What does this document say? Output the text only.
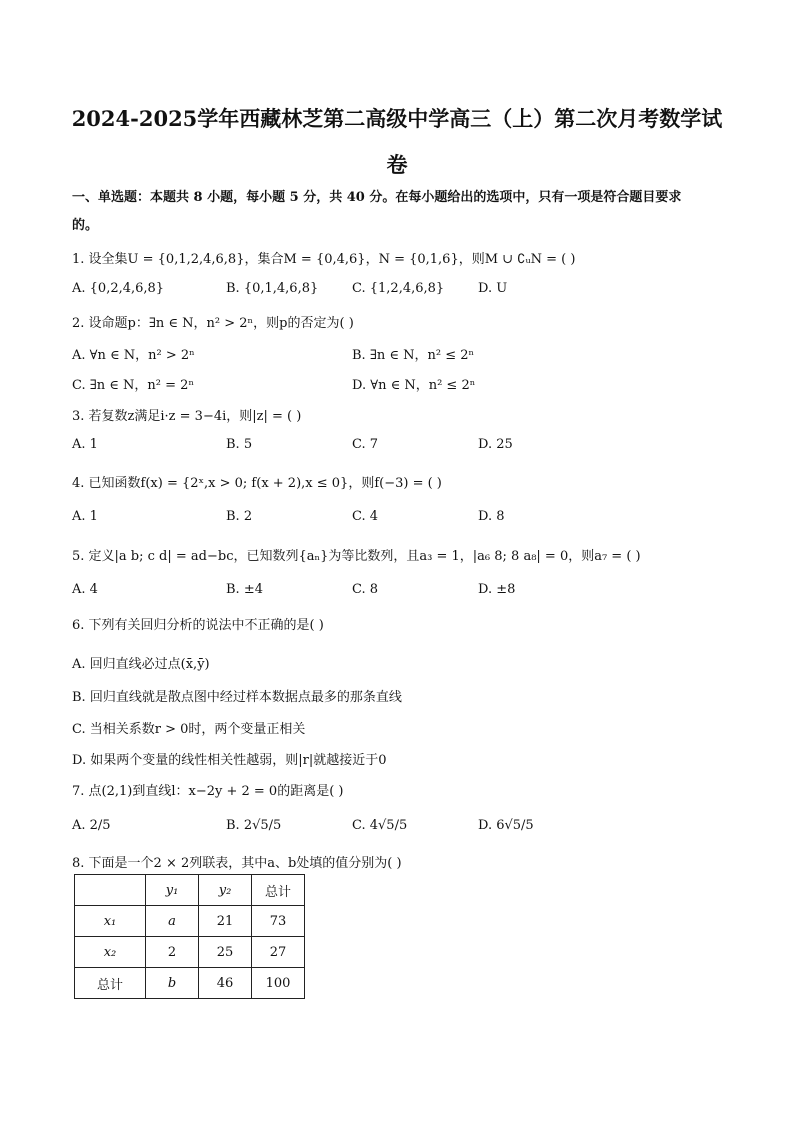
2024-2025学年西藏林芝第二高级中学高三（上）第二次月考数学试
卷
一、单选题：本题共 8 小题，每小题 5 分，共 40 分。在每小题给出的选项中，只有一项是符合题目要求
的。
1. 设全集U = {0,1,2,4,6,8}，集合M = {0,4,6}，N = {0,1,6}，则M ∪ ∁ᵤN = ( )
A. {0,2,4,6,8}	B. {0,1,4,6,8}	C. {1,2,4,6,8}	D. U
2. 设命题p：∃n ∈ N，n² > 2ⁿ，则p的否定为( )
A. ∀n ∈ N，n² > 2ⁿ	B. ∃n ∈ N，n² ≤ 2ⁿ
C. ∃n ∈ N，n² = 2ⁿ	D. ∀n ∈ N，n² ≤ 2ⁿ
3. 若复数z满足i·z = 3−4i，则|z| = ( )
A. 1	B. 5	C. 7	D. 25
4. 已知函数f(x) = {2ˣ,x > 0; f(x + 2),x ≤ 0}，则f(−3) = ( )
A. 1	B. 2	C. 4	D. 8
5. 定义|a b; c d| = ad−bc，已知数列{aₙ}为等比数列，且a₃ = 1，|a₆ 8; 8 a₈| = 0，则a₇ = ( )
A. 4	B. ±4	C. 8	D. ±8
6. 下列有关回归分析的说法中不正确的是( )
A. 回归直线必过点(x̄,ȳ)
B. 回归直线就是散点图中经过样本数据点最多的那条直线
C. 当相关系数r > 0时，两个变量正相关
D. 如果两个变量的线性相关性越弱，则|r|就越接近于0
7. 点(2,1)到直线l：x−2y + 2 = 0的距离是( )
A. 2/5	B. 2√5/5	C. 4√5/5	D. 6√5/5
8. 下面是一个2 × 2列联表，其中a、b处填的值分别为( )
	y₁	y₂	总计
x₁	a	21	73
x₂	2	25	27
总计	b	46	100
